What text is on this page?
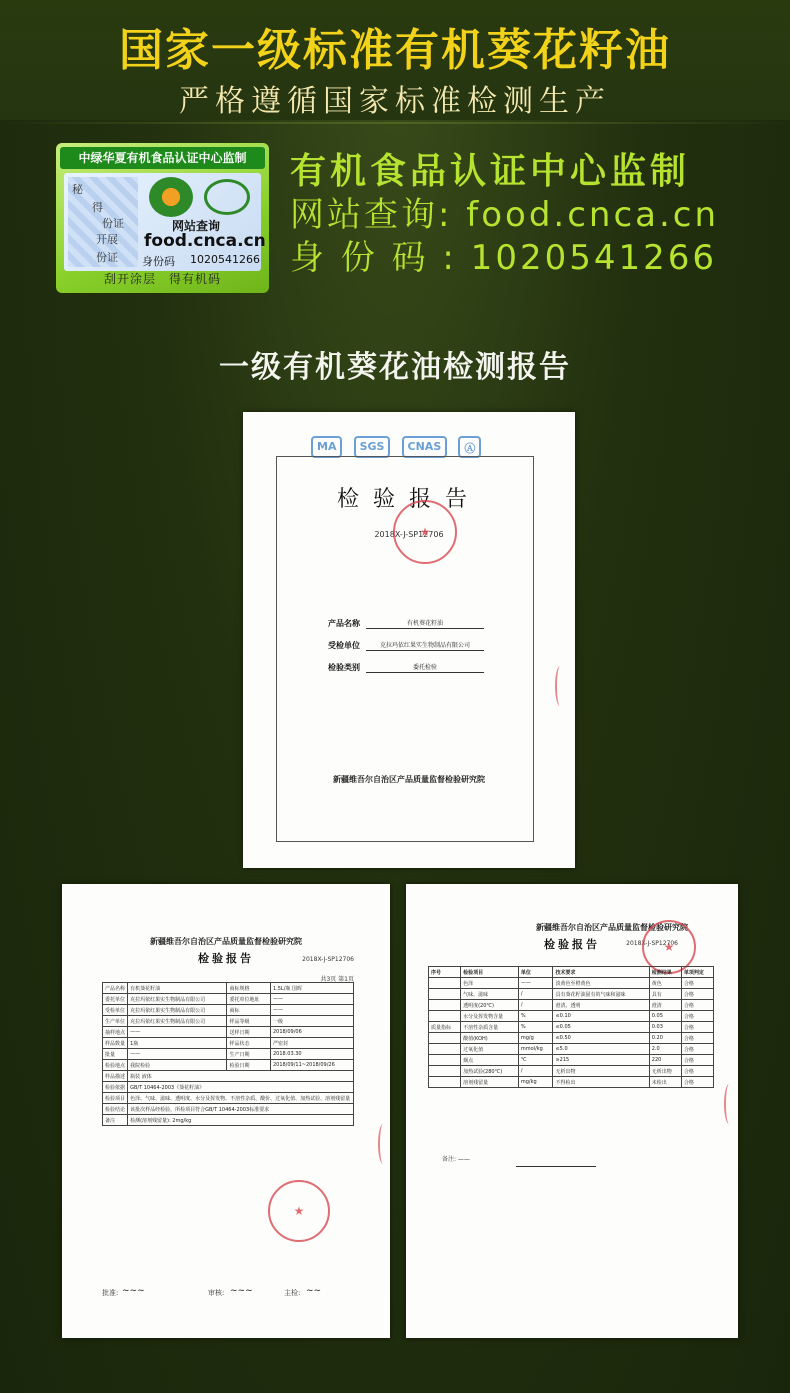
国家一级标准有机葵花籽油
严格遵循国家标准检测生产
中绿华夏有机食品认证中心监制
秘
得
份证
开展
份证
网站查询
food.cnca.cn
身份码 1020541266
刮开涂层　得有机码
有机食品认证中心监制
网站查询: food.cnca.cn
身 份 码 : 1020541266
一级有机葵花油检测报告
MA SGS CNAS Ⓐ
检验报告
2018X-J-SP12706
★
产品名称	有机葵花籽油
受检单位	克拉玛依红果实生物制品有限公司
检验类别	委托检验
新疆维吾尔自治区产品质量监督检验研究院
新疆维吾尔自治区产品质量监督检验研究院
检验报告	2018X-J-SP12706
共3页 第1页
产品名称	有机葵花籽油	商标规格	1.5L/瓶 国晖
委托单位	克拉玛依红果实生物制品有限公司	委托单位地址	——
受检单位	克拉玛依红果实生物制品有限公司	商标	——
生产单位	克拉玛依红果实生物制品有限公司	样品等级	一级
抽样地点	——	送样日期	2018/09/06
样品数量	1瓶	样品状态	严密封
批量	——	生产日期	2018.03.30
检验地点	我院检验	检验日期	2018/09/11~2018/09/26
样品描述	瓶装 液体		
检验依据	GB/T 10464-2003《葵花籽油》		
检验项目	色泽、气味、滋味、透明度、水分及挥发物、不溶性杂质、酸价、过氧化值、加热试验、溶剂残留量		
检验结论	该批次样品经检验，所检项目符合GB/T 10464-2003标准要求		
备注	检测(溶剂残留量): 2mg/kg		
★
批准: ~~~	审核: ~~~	主检: ~~
新疆维吾尔自治区产品质量监督检验研究院
检验报告	2018X-J-SP12706
★
序号	检验项目	单位	技术要求	检测结果	单项判定
	色泽	——	淡黄色至橙黄色	黄色	合格
	气味、滋味	/	具有葵花籽油固有的气味和滋味	具有	合格
	透明度(20℃)	/	澄清、透明	澄清	合格
	水分及挥发物含量	%	≤0.10	0.05	合格
质量指标	不溶性杂质含量	%	≤0.05	0.03	合格
	酸值(KOH)	mg/g	≤0.50	0.20	合格
	过氧化值	mmol/kg	≤5.0	2.0	合格
	烟点	℃	≥215	220	合格
	加热试验(280℃)	/	无析出物	无析出物	合格
	溶剂残留量	mg/kg	不得检出	未检出	合格
备注: ——
